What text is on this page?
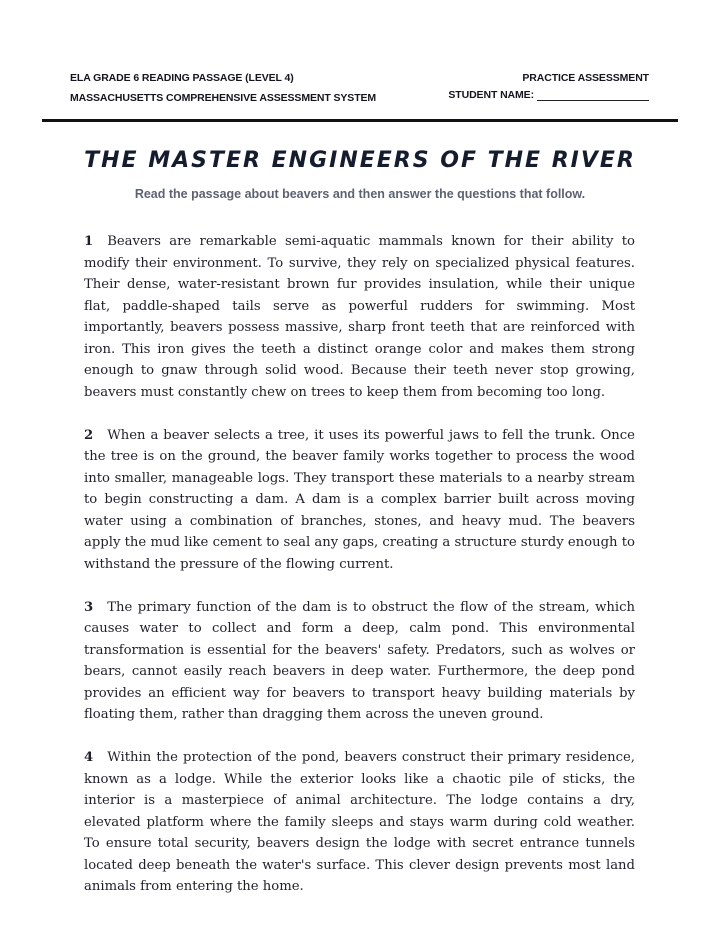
ELA GRADE 6 READING PASSAGE (LEVEL 4)
MASSACHUSETTS COMPREHENSIVE ASSESSMENT SYSTEM
PRACTICE ASSESSMENT
STUDENT NAME:
THE MASTER ENGINEERS OF THE RIVER
Read the passage about beavers and then answer the questions that follow.

1 Beavers are remarkable semi-aquatic mammals known for their ability to modify their environment. To survive, they rely on specialized physical features. Their dense, water-resistant brown fur provides insulation, while their unique flat, paddle-shaped tails serve as powerful rudders for swimming. Most importantly, beavers possess massive, sharp front teeth that are reinforced with iron. This iron gives the teeth a distinct orange color and makes them strong enough to gnaw through solid wood. Because their teeth never stop growing, beavers must constantly chew on trees to keep them from becoming too long.

2 When a beaver selects a tree, it uses its powerful jaws to fell the trunk. Once the tree is on the ground, the beaver family works together to process the wood into smaller, manageable logs. They transport these materials to a nearby stream to begin constructing a dam. A dam is a complex barrier built across moving water using a combination of branches, stones, and heavy mud. The beavers apply the mud like cement to seal any gaps, creating a structure sturdy enough to withstand the pressure of the flowing current.

3 The primary function of the dam is to obstruct the flow of the stream, which causes water to collect and form a deep, calm pond. This environmental transformation is essential for the beavers' safety. Predators, such as wolves or bears, cannot easily reach beavers in deep water. Furthermore, the deep pond provides an efficient way for beavers to transport heavy building materials by floating them, rather than dragging them across the uneven ground.

4 Within the protection of the pond, beavers construct their primary residence, known as a lodge. While the exterior looks like a chaotic pile of sticks, the interior is a masterpiece of animal architecture. The lodge contains a dry, elevated platform where the family sleeps and stays warm during cold weather. To ensure total security, beavers design the lodge with secret entrance tunnels located deep beneath the water's surface. This clever design prevents most land animals from entering the home.
